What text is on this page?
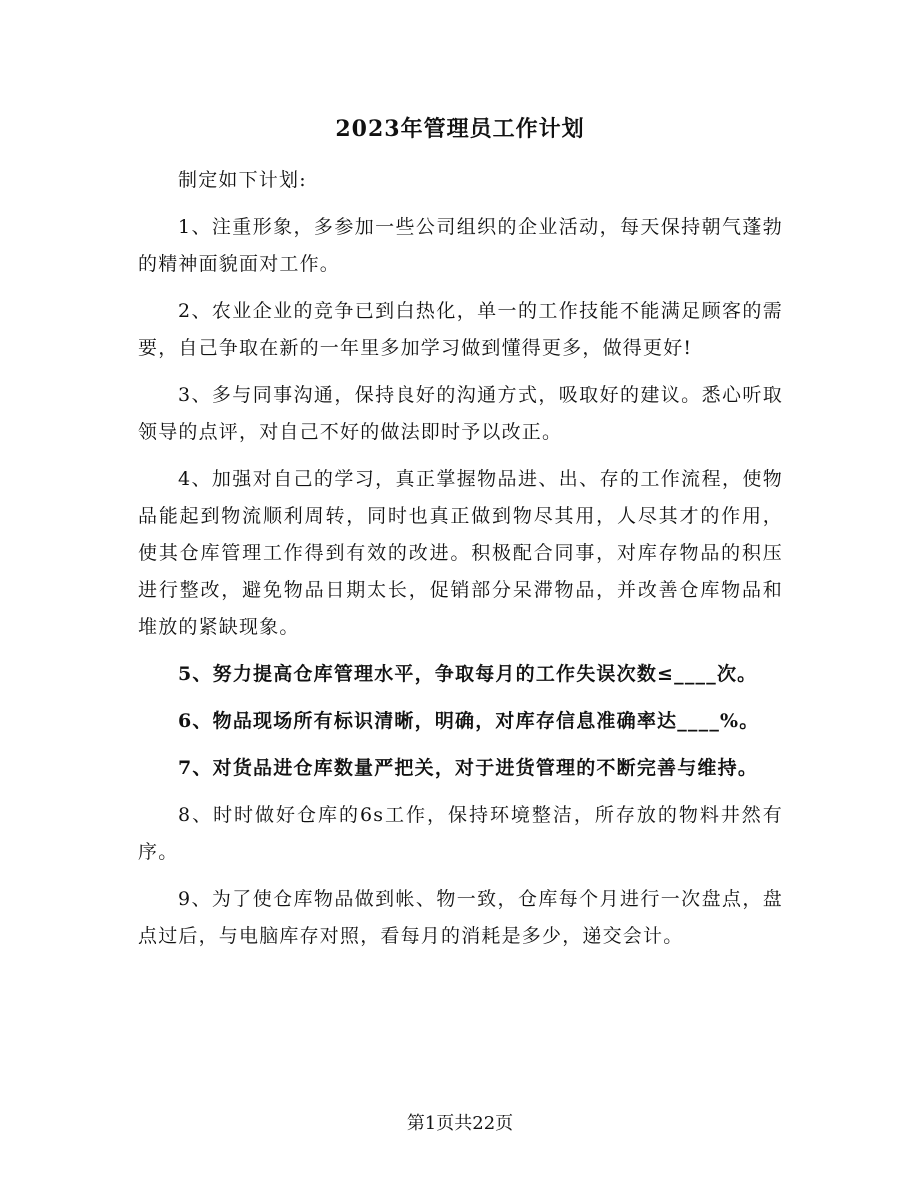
2023年管理员工作计划

制定如下计划:

1、注重形象，多参加一些公司组织的企业活动，每天保持朝气蓬勃的精神面貌面对工作。

2、农业企业的竞争已到白热化，单一的工作技能不能满足顾客的需要，自己争取在新的一年里多加学习做到懂得更多，做得更好!

3、多与同事沟通，保持良好的沟通方式，吸取好的建议。悉心听取领导的点评，对自己不好的做法即时予以改正。

4、加强对自己的学习，真正掌握物品进、出、存的工作流程，使物品能起到物流顺利周转，同时也真正做到物尽其用，人尽其才的作用，使其仓库管理工作得到有效的改进。积极配合同事，对库存物品的积压进行整改，避免物品日期太长，促销部分呆滞物品，并改善仓库物品和堆放的紧缺现象。

5、努力提高仓库管理水平，争取每月的工作失误次数≤____次。

6、物品现场所有标识清晰，明确，对库存信息准确率达____%。

7、对货品进仓库数量严把关，对于进货管理的不断完善与维持。

8、时时做好仓库的6s工作，保持环境整洁，所存放的物料井然有序。

9、为了使仓库物品做到帐、物一致，仓库每个月进行一次盘点，盘点过后，与电脑库存对照，看每月的消耗是多少，递交会计。

第1页共22页
